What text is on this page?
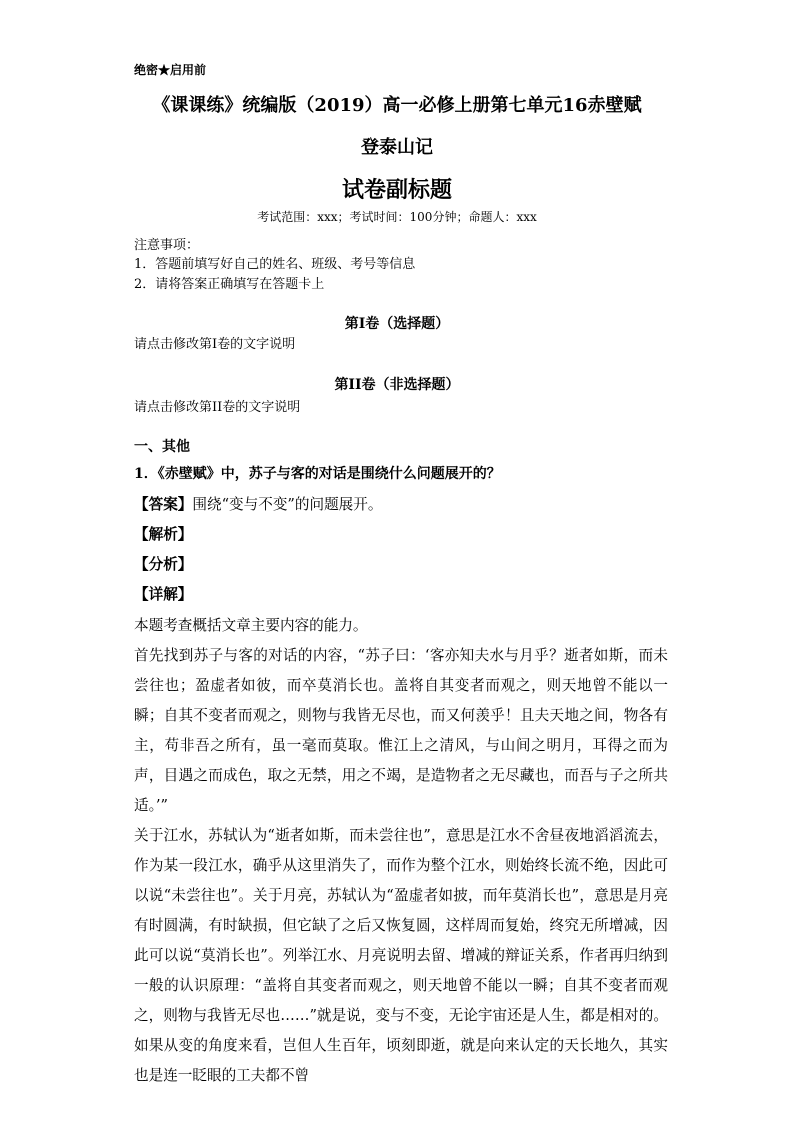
绝密★启用前
《课课练》统编版（2019）高一必修上册第七单元16赤壁赋
登泰山记
试卷副标题
考试范围：xxx；考试时间：100分钟；命题人：xxx
注意事项：
1．答题前填写好自己的姓名、班级、考号等信息
2．请将答案正确填写在答题卡上
第I卷（选择题）
请点击修改第I卷的文字说明
第II卷（非选择题）
请点击修改第II卷的文字说明
一、其他
1．《赤壁赋》中，苏子与客的对话是围绕什么问题展开的？
【答案】围绕“变与不变”的问题展开。
【解析】
【分析】
【详解】

本题考查概括文章主要内容的能力。

首先找到苏子与客的对话的内容，“苏子曰：‘客亦知夫水与月乎？逝者如斯，而未尝往也；盈虚者如彼，而卒莫消长也。盖将自其变者而观之，则天地曾不能以一瞬；自其不变者而观之，则物与我皆无尽也，而又何羡乎！且夫天地之间，物各有主，苟非吾之所有，虽一毫而莫取。惟江上之清风，与山间之明月，耳得之而为声，目遇之而成色，取之无禁，用之不竭，是造物者之无尽藏也，而吾与子之所共适。’”

关于江水，苏轼认为“逝者如斯，而未尝往也”，意思是江水不舍昼夜地滔滔流去，作为某一段江水，确乎从这里消失了，而作为整个江水，则始终长流不绝，因此可以说“未尝往也”。关于月亮，苏轼认为“盈虚者如披，而年莫消长也”，意思是月亮有时圆满，有时缺损，但它缺了之后又恢复圆，这样周而复始，终究无所增减，因此可以说“莫消长也”。列举江水、月亮说明去留、增减的辩证关系，作者再归纳到一般的认识原理：“盖将自其变者而观之，则天地曾不能以一瞬；自其不变者而观之，则物与我皆无尽也……”就是说，变与不变，无论宇宙还是人生，都是相对的。如果从变的角度来看，岂但人生百年，顷刻即逝，就是向来认定的天长地久，其实也是连一眨眼的工夫都不曾
